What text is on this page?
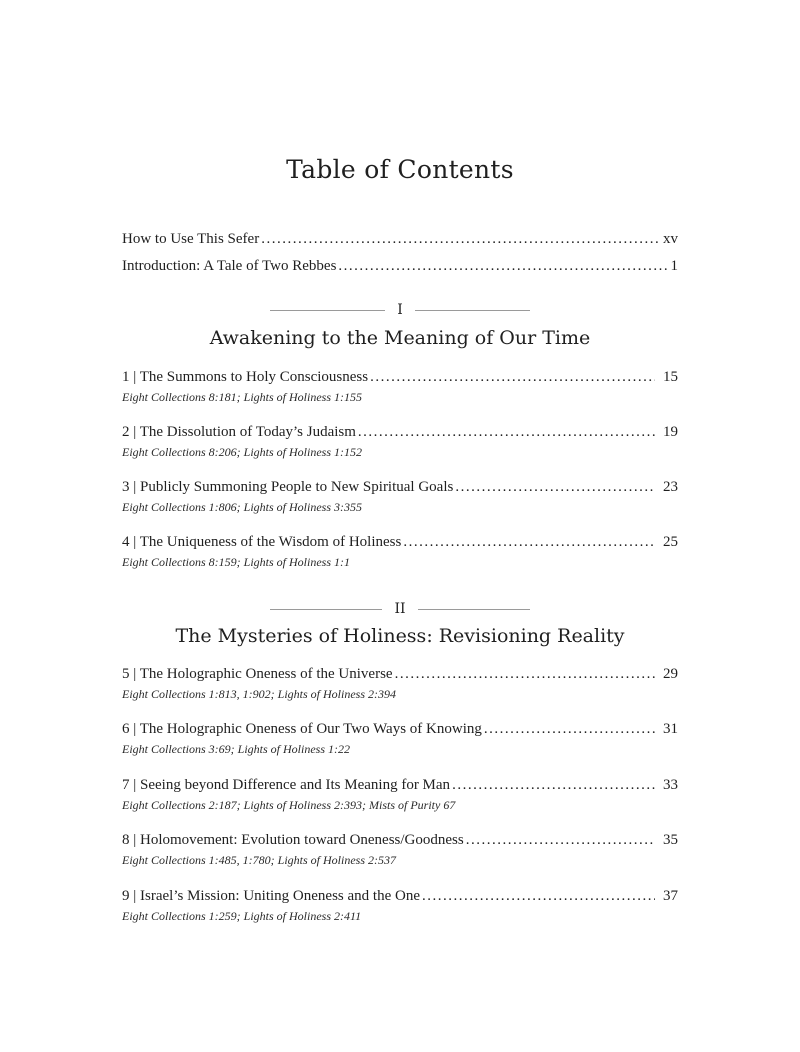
Table of Contents
How to Use This Sefer .....	xv
Introduction: A Tale of Two Rebbes .....	1
I
Awakening to the Meaning of Our Time
1 | The Summons to Holy Consciousness .....	15
Eight Collections 8:181; Lights of Holiness 1:155
2 | The Dissolution of Today’s Judaism .....	19
Eight Collections 8:206; Lights of Holiness 1:152
3 | Publicly Summoning People to New Spiritual Goals .....	23
Eight Collections 1:806; Lights of Holiness 3:355
4 | The Uniqueness of the Wisdom of Holiness .....	25
Eight Collections 8:159; Lights of Holiness 1:1
II
The Mysteries of Holiness: Revisioning Reality
5 | The Holographic Oneness of the Universe .....	29
Eight Collections 1:813, 1:902; Lights of Holiness 2:394
6 | The Holographic Oneness of Our Two Ways of Knowing .....	31
Eight Collections 3:69; Lights of Holiness 1:22
7 | Seeing beyond Difference and Its Meaning for Man .....	33
Eight Collections 2:187; Lights of Holiness 2:393; Mists of Purity 67
8 | Holomovement: Evolution toward Oneness/Goodness .....	35
Eight Collections 1:485, 1:780; Lights of Holiness 2:537
9 | Israel’s Mission: Uniting Oneness and the One .....	37
Eight Collections 1:259; Lights of Holiness 2:411
